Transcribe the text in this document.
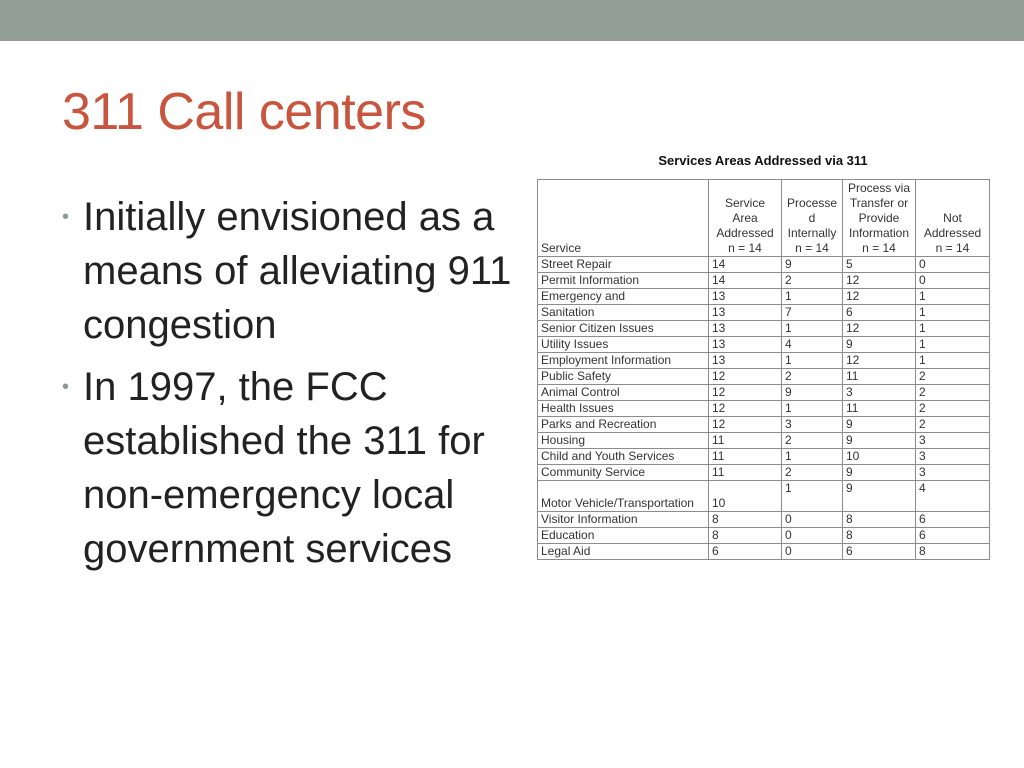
311 Call centers
• Initially envisioned as a means of alleviating 911 congestion
• In 1997, the FCC established the 311 for non-emergency local government services
Services Areas Addressed via 311
Service	Service Area Addressed n = 14	Processe d Internally n = 14	Process via Transfer or Provide Information n = 14	Not Addressed n = 14
Street Repair	14	9	5	0
Permit Information	14	2	12	0
Emergency and	13	1	12	1
Sanitation	13	7	6	1
Senior Citizen Issues	13	1	12	1
Utility Issues	13	4	9	1
Employment Information	13	1	12	1
Public Safety	12	2	11	2
Animal Control	12	9	3	2
Health Issues	12	1	11	2
Parks and Recreation	12	3	9	2
Housing	11	2	9	3
Child and Youth Services	11	1	10	3
Community Service	11	2	9	3
Motor Vehicle/Transportation	10	1	9	4
Visitor Information	8	0	8	6
Education	8	0	8	6
Legal Aid	6	0	6	8
